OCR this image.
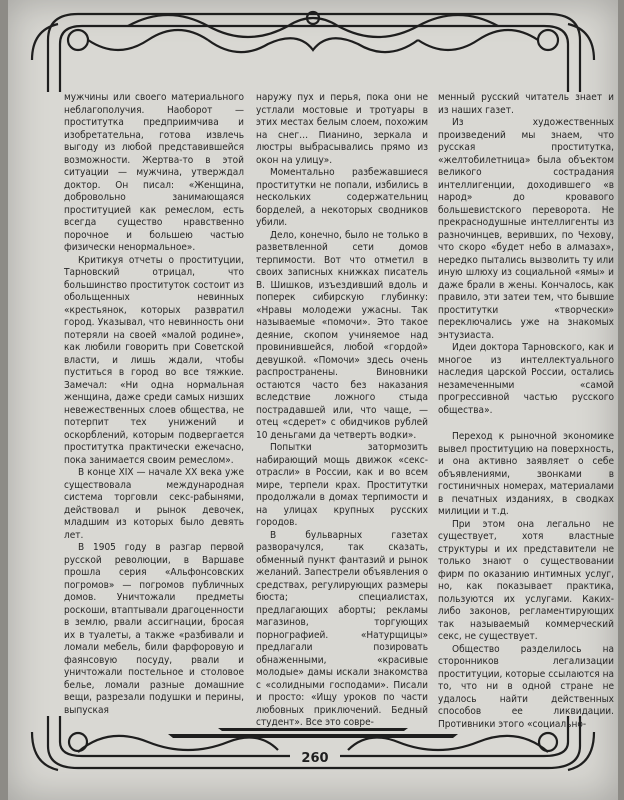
260

мужчины или своего материального неблагополучия. Наоборот — проститутка предприимчива и изобретательна, готова извлечь выгоду из любой представившейся возможности. Жертва-то в этой ситуации — мужчина, утверждал доктор. Он писал: «Женщина, добровольно занимающаяся проституцией как ремеслом, есть всегда существо нравственно порочное и большею частью физически ненормальное».

Критикуя отчеты о проституции, Тарновский отрицал, что большинство проституток состоит из обольщенных невинных «крестьянок, которых развратил город. Указывал, что невинность они потеряли на своей «малой родине», как любили говорить при Советской власти, и лишь ждали, чтобы пуститься в город во все тяжкие. Замечал: «Ни одна нормальная женщина, даже среди самых низших невежественных слоев общества, не потерпит тех унижений и оскорблений, которым подвергается проститутка практически ежечасно, пока занимается своим ремеслом».

В конце XIX — начале XX века уже существовала международная система торговли секс-рабынями, действовал и рынок девочек, младшим из которых было девять лет.

В 1905 году в разгар первой русской революции, в Варшаве прошла серия «Альфонсовских погромов» — погромов публичных домов. Уничтожали предметы роскоши, втаптывали драгоценности в землю, рвали ассигнации, бросая их в туалеты, а также «разбивали и ломали мебель, били фарфоровую и фаянсовую посуду, рвали и уничтожали постельное и столовое белье, ломали разные домашние вещи, разрезали подушки и перины, выпуская

наружу пух и перья, пока они не устлали мостовые и тротуары в этих местах белым слоем, похожим на снег… Пианино, зеркала и люстры выбрасывались прямо из окон на улицу».

Моментально разбежавшиеся проститутки не попали, избились в нескольких содержательниц борделей, а некоторых сводников убили.

Дело, конечно, было не только в разветвленной сети домов терпимости. Вот что отметил в своих записных книжках писатель В. Шишков, изъездивший вдоль и поперек сибирскую глубинку: «Нравы молодежи ужасны. Так называемые «помочи». Это такое деяние, скопом учиняемое над провинившейся, любой «гордой» девушкой. «Помочи» здесь очень распространены. Виновники остаются часто без наказания вследствие ложного стыда пострадавшей или, что чаще, — отец «сдерет» с обидчиков рублей 10 деньгами да четверть водки».

Попытки затормозить набирающий мощь движок «секс-отрасли» в России, как и во всем мире, терпели крах. Проститутки продолжали в домах терпимости и на улицах крупных русских городов.

В бульварных газетах разворачулся, так сказать, обменный пункт фантазий и рынок желаний. Запестрели объявления о средствах, регулирующих размеры бюста; специалистах, предлагающих аборты; рекламы магазинов, торгующих порнографией. «Натурщицы» предлагали позировать обнаженными, «красивые молодые» дамы искали знакомства с «солидными господами». Писали и просто: «Ищу уроков по части любовных приключений. Бедный студент». Все это совре-

менный русский читатель знает и из наших газет.

Из художественных произведений мы знаем, что русская проститутка, «желтобилетница» была объектом великого сострадания интеллигенции, доходившего «в народ» до кровавого большевистского переворота. Не прекраснодушные интеллигенты из разночинцев, веривших, по Чехову, что скоро «будет небо в алмазах», нередко пытались вызволить ту или иную шлюху из социальной «ямы» и даже брали в жены. Кончалось, как правило, эти затеи тем, что бывшие проститутки «творчески» переключались уже на знакомых энтузиаста.

Идеи доктора Тарновского, как и многое из интеллектуального наследия царской России, остались незамеченными «самой прогрессивной частью русского общества».

Переход к рыночной экономике вывел проституцию на поверхность, и она активно заявляет о себе объявлениями, звонками в гостиничных номерах, материалами в печатных изданиях, в сводках милиции и т.д.

При этом она легально не существует, хотя властные структуры и их представители не только знают о существовании фирм по оказанию интимных услуг, но, как показывает практика, пользуются их услугами. Каких-либо законов, регламентирующих так называемый коммерческий секс, не существует.

Общество разделилось на сторонников легализации проституции, которые ссылаются на то, что ни в одной стране не удалось найти действенных способов ее ликвидации. Противники этого «социально-
